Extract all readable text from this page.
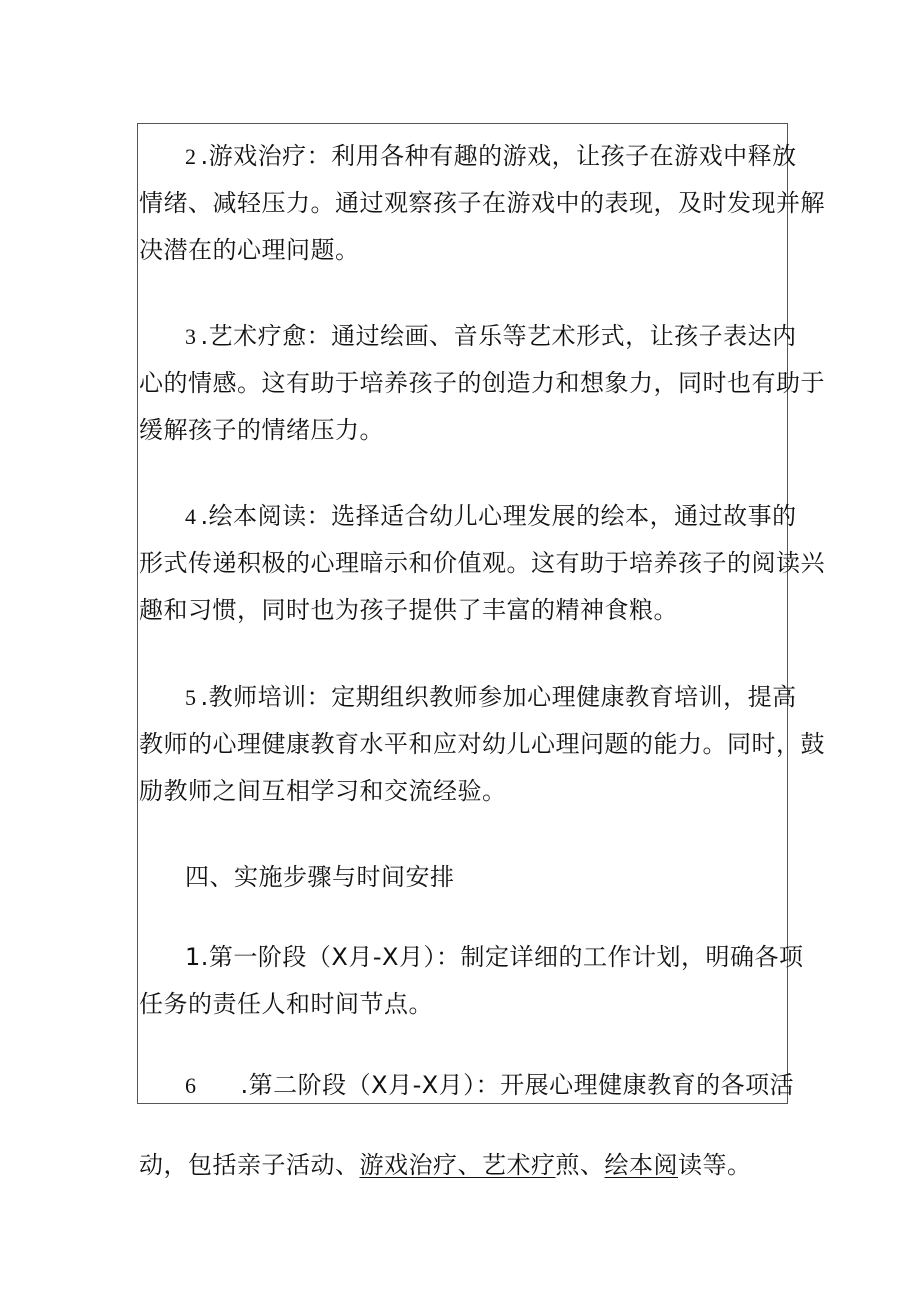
2 .游戏治疗：利用各种有趣的游戏，让孩子在游戏中释放

情绪、减轻压力。通过观察孩子在游戏中的表现，及时发现并解

决潜在的心理问题。

3 .艺术疗愈：通过绘画、音乐等艺术形式，让孩子表达内

心的情感。这有助于培养孩子的创造力和想象力，同时也有助于

缓解孩子的情绪压力。

4 .绘本阅读：选择适合幼儿心理发展的绘本，通过故事的

形式传递积极的心理暗示和价值观。这有助于培养孩子的阅读兴

趣和习惯，同时也为孩子提供了丰富的精神食粮。

5 .教师培训：定期组织教师参加心理健康教育培训，提高

教师的心理健康教育水平和应对幼儿心理问题的能力。同时，鼓

励教师之间互相学习和交流经验。

四、实施步骤与时间安排

1.第一阶段（X月-X月）：制定详细的工作计划，明确各项

任务的责任人和时间节点。

6 .第二阶段（X月-X月）：开展心理健康教育的各项活

动，包括亲子活动、游戏治疗、艺术疗煎、绘本阅读等。
